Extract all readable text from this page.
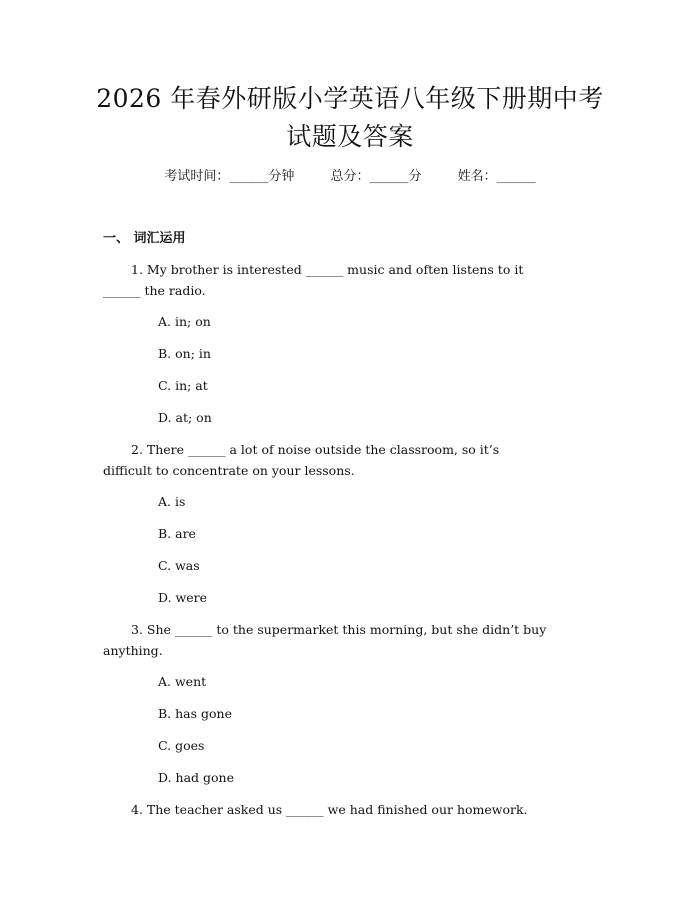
2026 年春外研版小学英语八年级下册期中考
试题及答案
考试时间：______分钟	总分：______分	姓名：______
一、 词汇运用
1. My brother is interested ______ music and often listens to it
______ the radio.
A. in; on
B. on; in
C. in; at
D. at; on
2. There ______ a lot of noise outside the classroom, so it’s
difficult to concentrate on your lessons.
A. is
B. are
C. was
D. were
3. She ______ to the supermarket this morning, but she didn’t buy
anything.
A. went
B. has gone
C. goes
D. had gone
4. The teacher asked us ______ we had finished our homework.
